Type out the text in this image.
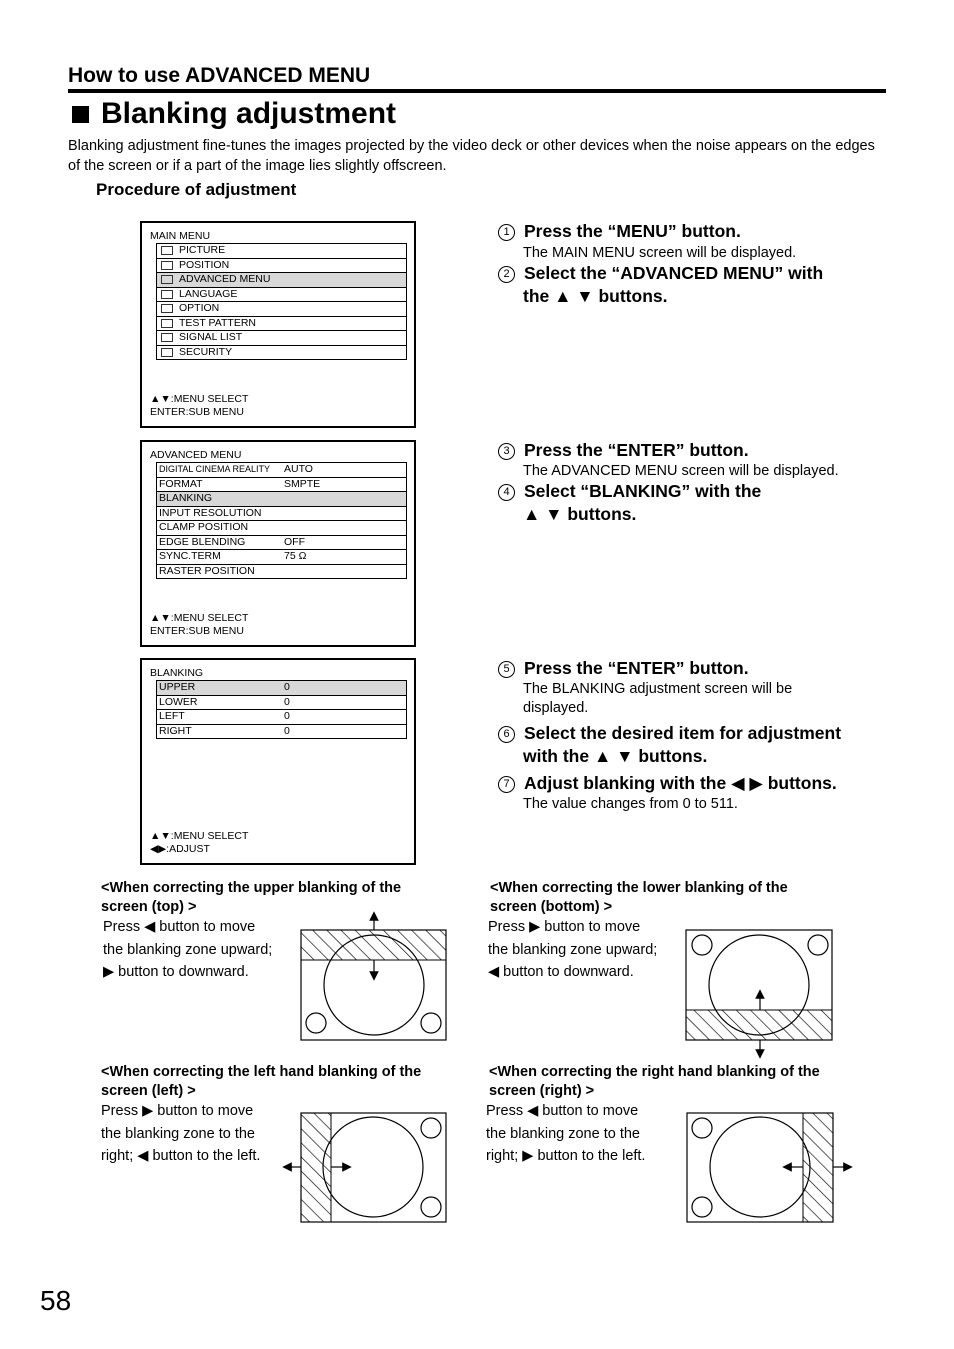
How to use ADVANCED MENU
Blanking adjustment
Blanking adjustment fine-tunes the images projected by the video deck or other devices when the noise appears on the edges of the screen or if a part of the image lies slightly offscreen.
Procedure of adjustment
MAIN MENU
PICTURE
POSITION
ADVANCED MENU
LANGUAGE
OPTION
TEST PATTERN
SIGNAL LIST
SECURITY
▲▼:MENU SELECT
ENTER:SUB MENU
ADVANCED MENU
DIGITAL CINEMA REALITY AUTO
FORMAT	SMPTE
BLANKING
INPUT RESOLUTION
CLAMP POSITION
EDGE BLENDING	OFF
SYNC.TERM	75 Ω
RASTER POSITION
▲▼:MENU SELECT
ENTER:SUB MENU
BLANKING
UPPER	0
LOWER	0
LEFT	0
RIGHT	0
▲▼:MENU SELECT
◀▶:ADJUST
1 Press the “MENU” button.
The MAIN MENU screen will be displayed.
2 Select the “ADVANCED MENU” with
the ▲ ▼ buttons.
3 Press the “ENTER” button.
The ADVANCED MENU screen will be displayed.
4 Select “BLANKING” with the
▲ ▼ buttons.
5 Press the “ENTER” button.
The BLANKING adjustment screen will be
displayed.
6 Select the desired item for adjustment
with the ▲ ▼ buttons.
7 Adjust blanking with the ◀ ▶ buttons.
The value changes from 0 to 511.
<When correcting the upper blanking of the
screen (top) >
Press ◀ button to move
the blanking zone upward;
▶ button to downward.
<When correcting the lower blanking of the
screen (bottom) >
Press ▶ button to move
the blanking zone upward;
◀ button to downward.
<When correcting the left hand blanking of the
screen (left) >
Press ▶ button to move
the blanking zone to the
right; ◀ button to the left.
<When correcting the right hand blanking of the
screen (right) >
Press ◀ button to move
the blanking zone to the
right; ▶ button to the left.
58
